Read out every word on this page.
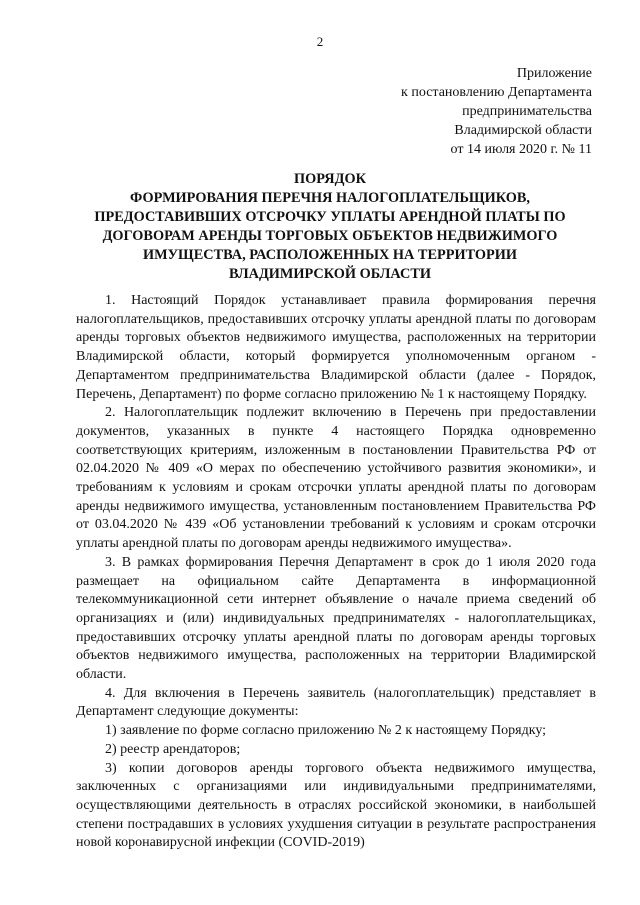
2
Приложение
к постановлению Департамента
предпринимательства
Владимирской области
от 14 июля 2020 г. № 11
ПОРЯДОК
ФОРМИРОВАНИЯ ПЕРЕЧНЯ НАЛОГОПЛАТЕЛЬЩИКОВ,
ПРЕДОСТАВИВШИХ ОТСРОЧКУ УПЛАТЫ АРЕНДНОЙ ПЛАТЫ ПО
ДОГОВОРАМ АРЕНДЫ ТОРГОВЫХ ОБЪЕКТОВ НЕДВИЖИМОГО
ИМУЩЕСТВА, РАСПОЛОЖЕННЫХ НА ТЕРРИТОРИИ
ВЛАДИМИРСКОЙ ОБЛАСТИ

1. Настоящий Порядок устанавливает правила формирования перечня налогоплательщиков, предоставивших отсрочку уплаты арендной платы по договорам аренды торговых объектов недвижимого имущества, расположенных на территории Владимирской области, который формируется уполномоченным органом - Департаментом предпринимательства Владимирской области (далее - Порядок, Перечень, Департамент) по форме согласно приложению № 1 к настоящему Порядку.

2. Налогоплательщик подлежит включению в Перечень при предоставлении документов, указанных в пункте 4 настоящего Порядка одновременно соответствующих критериям, изложенным в постановлении Правительства РФ от 02.04.2020 № 409 «О мерах по обеспечению устойчивого развития экономики», и требованиям к условиям и срокам отсрочки уплаты арендной платы по договорам аренды недвижимого имущества, установленным постановлением Правительства РФ от 03.04.2020 № 439 «Об установлении требований к условиям и срокам отсрочки уплаты арендной платы по договорам аренды недвижимого имущества».

3. В рамках формирования Перечня Департамент в срок до 1 июля 2020 года размещает на официальном сайте Департамента в информационной телекоммуникационной сети интернет объявление о начале приема сведений об организациях и (или) индивидуальных предпринимателях - налогоплательщиках, предоставивших отсрочку уплаты арендной платы по договорам аренды торговых объектов недвижимого имущества, расположенных на территории Владимирской области.

4. Для включения в Перечень заявитель (налогоплательщик) представляет в Департамент следующие документы:

1) заявление по форме согласно приложению № 2 к настоящему Порядку;

2) реестр арендаторов;

3) копии договоров аренды торгового объекта недвижимого имущества, заключенных с организациями или индивидуальными предпринимателями, осуществляющими деятельность в отраслях российской экономики, в наибольшей степени пострадавших в условиях ухудшения ситуации в результате распространения новой коронавирусной инфекции (COVID-2019)
